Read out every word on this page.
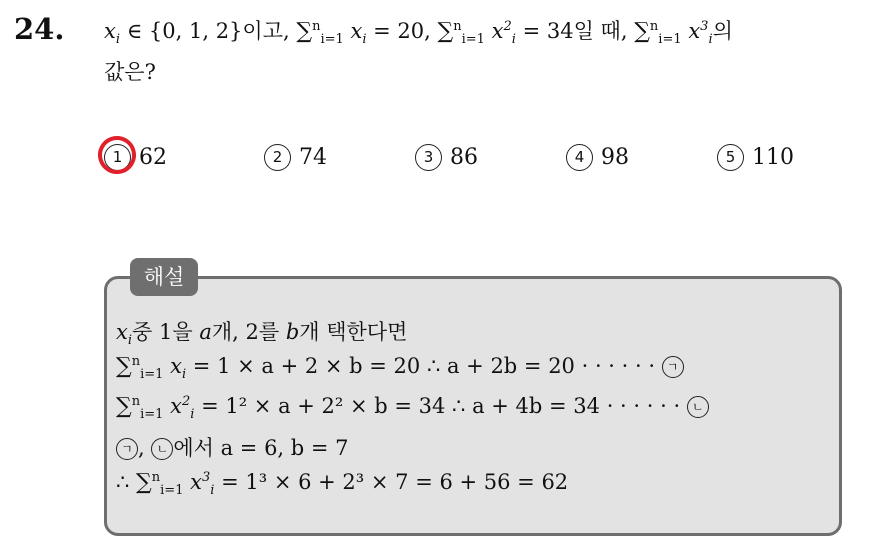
24. $x_i$ ∈ {0, 1, 2}이고, ∑$^n_{i=1}$ $x_i = 20$, ∑$^n_{i=1}$ $x^2_i = 34$일 때, ∑$^n_{i=1}$ $x^3_i$의
값은?
1 62	2 74	3 86	4 98	5 110
해설
$x_i$중 1을 a개, 2를 b개 택한다면
∑$^n_{i=1}$ $x_i = 1 \times a + 2 \times b = 20$ ∴ a + 2b = 20 · · · · · · ㄱ
∑$^n_{i=1}$ $x^2_i = 1^2 \times a + 2^2 \times b = 34$ ∴ a + 4b = 34 · · · · · · ㄴ
ㄱ , ㄴ 에서 a = 6, b = 7
∴ ∑$^n_{i=1}$ $x^3_i = 1^3 \times 6 + 2^3 \times 7 = 6 + 56 = 62$
